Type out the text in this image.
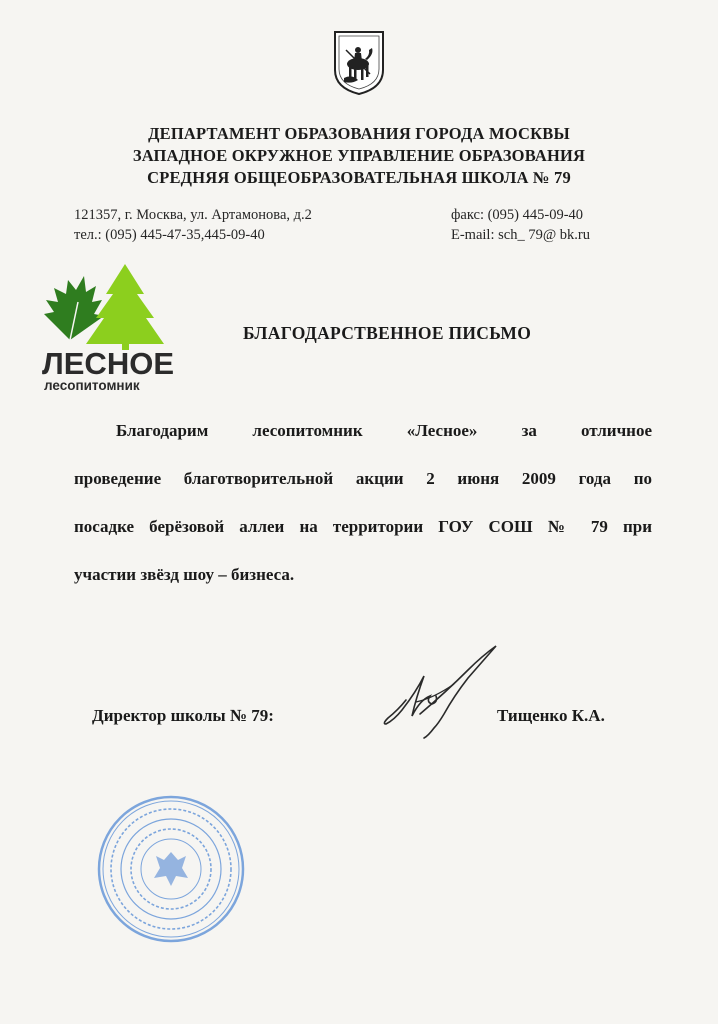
ДЕПАРТАМЕНТ ОБРАЗОВАНИЯ ГОРОДА МОСКВЫ
ЗАПАДНОЕ ОКРУЖНОЕ УПРАВЛЕНИЕ ОБРАЗОВАНИЯ
СРЕДНЯЯ ОБЩЕОБРАЗОВАТЕЛЬНАЯ ШКОЛА № 79
121357, г. Москва, ул. Артамонова, д.2
тел.: (095) 445-47-35,445-09-40
факс: (095) 445-09-40
E-mail: sch_ 79@ bk.ru
ЛЕСНОЕ
лесопитомник
БЛАГОДАРСТВЕННОЕ ПИСЬМО
Благодарим лесопитомник «Лесное» за отличное
проведение благотворительной акции 2 июня 2009 года по
посадке берёзовой аллеи на территории ГОУ СОШ № 79 при
участии звёзд шоу – бизнеса.
Директор школы № 79:	Тищенко К.А.
